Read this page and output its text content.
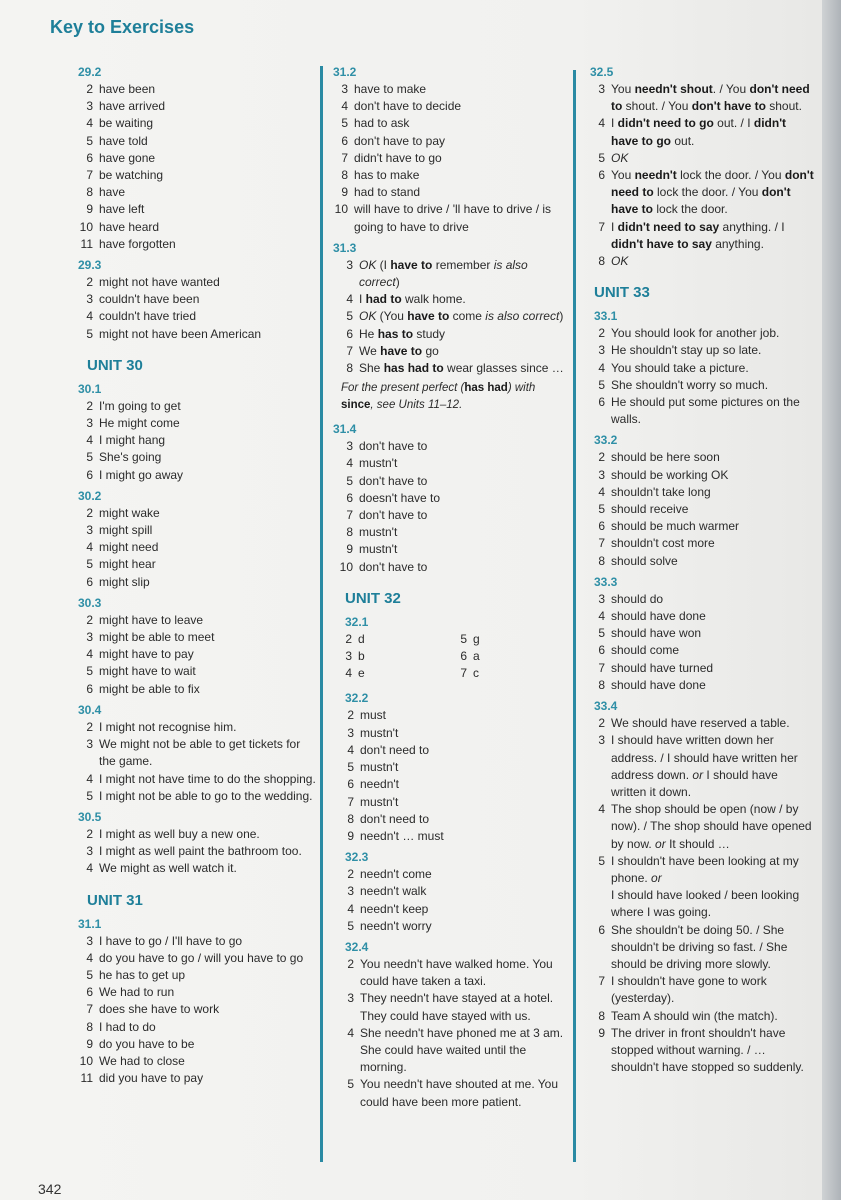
Key to Exercises
29.2
2 have been
3 have arrived
4 be waiting
5 have told
6 have gone
7 be watching
8 have
9 have left
10 have heard
11 have forgotten
29.3
2 might not have wanted
3 couldn't have been
4 couldn't have tried
5 might not have been American
UNIT 30
30.1
2 I'm going to get
3 He might come
4 I might hang
5 She's going
6 I might go away
30.2
2 might wake
3 might spill
4 might need
5 might hear
6 might slip
30.3
2 might have to leave
3 might be able to meet
4 might have to pay
5 might have to wait
6 might be able to fix
30.4
2 I might not recognise him.
3 We might not be able to get tickets for the game.
4 I might not have time to do the shopping.
5 I might not be able to go to the wedding.
30.5
2 I might as well buy a new one.
3 I might as well paint the bathroom too.
4 We might as well watch it.
UNIT 31
31.1
3 I have to go / I'll have to go
4 do you have to go / will you have to go
5 he has to get up
6 We had to run
7 does she have to work
8 I had to do
9 do you have to be
10 We had to close
11 did you have to pay
31.2
3 have to make
4 don't have to decide
5 had to ask
6 don't have to pay
7 didn't have to go
8 has to make
9 had to stand
10 will have to drive / 'll have to drive / is going to have to drive
31.3
3 OK (I have to remember is also correct)
4 I had to walk home.
5 OK (You have to come is also correct)
6 He has to study
7 We have to go
8 She has had to wear glasses since …
For the present perfect (has had) with since, see Units 11–12.
31.4
3 don't have to
4 mustn't
5 don't have to
6 doesn't have to
7 don't have to
8 mustn't
9 mustn't
10 don't have to
UNIT 32
32.1
2 d	5 g
3 b	6 a
4 e	7 c
32.2
2 must
3 mustn't
4 don't need to
5 mustn't
6 needn't
7 mustn't
8 don't need to
9 needn't … must
32.3
2 needn't come
3 needn't walk
4 needn't keep
5 needn't worry
32.4
2 You needn't have walked home. You could have taken a taxi.
3 They needn't have stayed at a hotel. They could have stayed with us.
4 She needn't have phoned me at 3 am. She could have waited until the morning.
5 You needn't have shouted at me. You could have been more patient.
32.5
3 You needn't shout. / You don't need to shout. / You don't have to shout.
4 I didn't need to go out. / I didn't have to go out.
5 OK
6 You needn't lock the door. / You don't need to lock the door. / You don't have to lock the door.
7 I didn't need to say anything. / I didn't have to say anything.
8 OK
UNIT 33
33.1
2 You should look for another job.
3 He shouldn't stay up so late.
4 You should take a picture.
5 She shouldn't worry so much.
6 He should put some pictures on the walls.
33.2
2 should be here soon
3 should be working OK
4 shouldn't take long
5 should receive
6 should be much warmer
7 shouldn't cost more
8 should solve
33.3
3 should do
4 should have done
5 should have won
6 should come
7 should have turned
8 should have done
33.4
2 We should have reserved a table.
3 I should have written down her address. / I should have written her address down. or I should have written it down.
4 The shop should be open (now / by now). / The shop should have opened by now. or It should …
5 I shouldn't have been looking at my phone. or
I should have looked / been looking where I was going.
6 She shouldn't be doing 50. / She shouldn't be driving so fast. / She should be driving more slowly.
7 I shouldn't have gone to work (yesterday).
8 Team A should win (the match).
9 The driver in front shouldn't have stopped without warning. / … shouldn't have stopped so suddenly.
342
